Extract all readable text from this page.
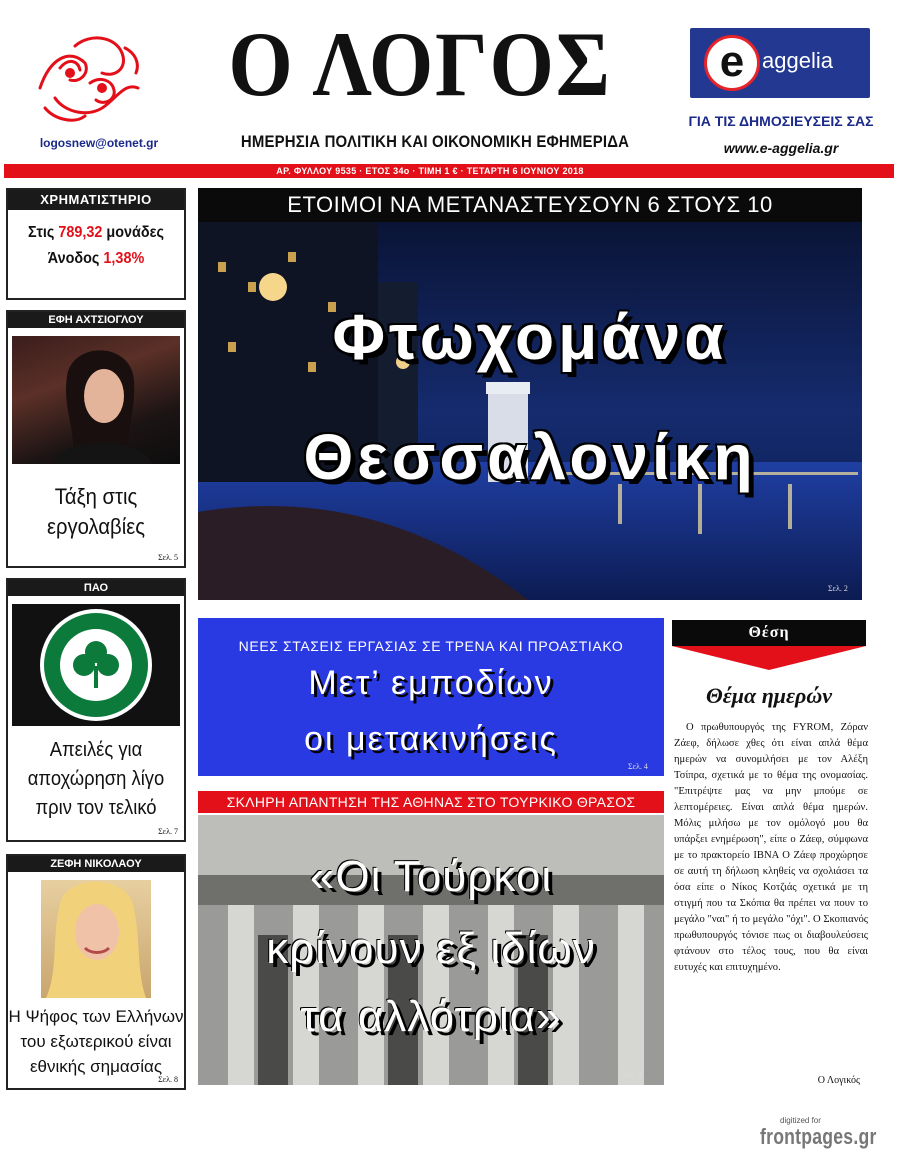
logosnew@otenet.gr
Ο ΛΟΓΟΣ
ΗΜΕΡΗΣΙΑ ΠΟΛΙΤΙΚΗ ΚΑΙ ΟΙΚΟΝΟΜΙΚΗ ΕΦΗΜΕΡΙΔΑ
e aggelia
ΓΙΑ ΤΙΣ ΔΗΜΟΣΙΕΥΣΕΙΣ ΣΑΣ
www.e-aggelia.gr
ΑΡ. ΦΥΛΛΟΥ 9535 · ΕΤΟΣ 34ο · ΤΙΜΗ 1 € · ΤΕΤΑΡΤΗ 6 ΙΟΥΝΙΟΥ 2018
ΧΡΗΜΑΤΙΣΤΗΡΙΟ
Στις 789,32 μονάδες
Άνοδος 1,38%
ΕΦΗ ΑΧΤΣΙΟΓΛΟΥ
Τάξη στις
εργολαβίες
Σελ. 5
ΠΑΟ
Απειλές για
αποχώρηση λίγο
πριν τον τελικό
Σελ. 7
ΖΕΦΗ ΝΙΚΟΛΑΟΥ
Η Ψήφος των Ελλήνων
του εξωτερικού είναι
εθνικής σημασίας
Σελ. 8
ΕΤΟΙΜΟΙ ΝΑ ΜΕΤΑΝΑΣΤΕΥΣΟΥΝ 6 ΣΤΟΥΣ 10
Φτωχομάνα
Θεσσαλονίκη
Σελ. 2
ΝΕΕΣ ΣΤΑΣΕΙΣ ΕΡΓΑΣΙΑΣ ΣΕ ΤΡΕΝΑ ΚΑΙ ΠΡΟΑΣΤΙΑΚΟ
Μετ’ εμποδίων
οι μετακινήσεις
Σελ. 4
ΣΚΛΗΡΗ ΑΠΑΝΤΗΣΗ ΤΗΣ ΑΘΗΝΑΣ ΣΤΟ ΤΟΥΡΚΙΚΟ ΘΡΑΣΟΣ
«Οι Τούρκοι
κρίνουν εξ ιδίων
τα αλλότρια»
Σελ. 3
Θέση
Θέμα ημερών
Ο πρωθυπουργός της FYROM, Ζόραν Ζάεφ, δήλωσε χθες ότι είναι απλά θέμα ημερών να συνομιλήσει με τον Αλέξη Τσίπρα, σχετικά με το θέμα της ονομασίας. "Επιτρέψτε μας να μην μπούμε σε λεπτομέρειες. Είναι απλά θέμα ημερών. Μόλις μιλήσω με τον ομόλογό μου θα υπάρξει ενημέρωση", είπε ο Ζάεφ, σύμφωνα με το πρακτορείο ΙΒΝΑ Ο Ζάεφ προχώρησε σε αυτή τη δήλωση κληθείς να σχολιάσει τα όσα είπε ο Νίκος Κοτζιάς σχετικά με τη στιγμή που τα Σκόπια θα πρέπει να πουν το μεγάλο "ναι" ή το μεγάλο "όχι". Ο Σκοπιανός πρωθυπουργός τόνισε πως οι διαβουλεύσεις φτάνουν στο τέλος τους, που θα είναι ευτυχές και επιτυχημένο.
Ο Λογικός
digitized for
frontpages.gr
